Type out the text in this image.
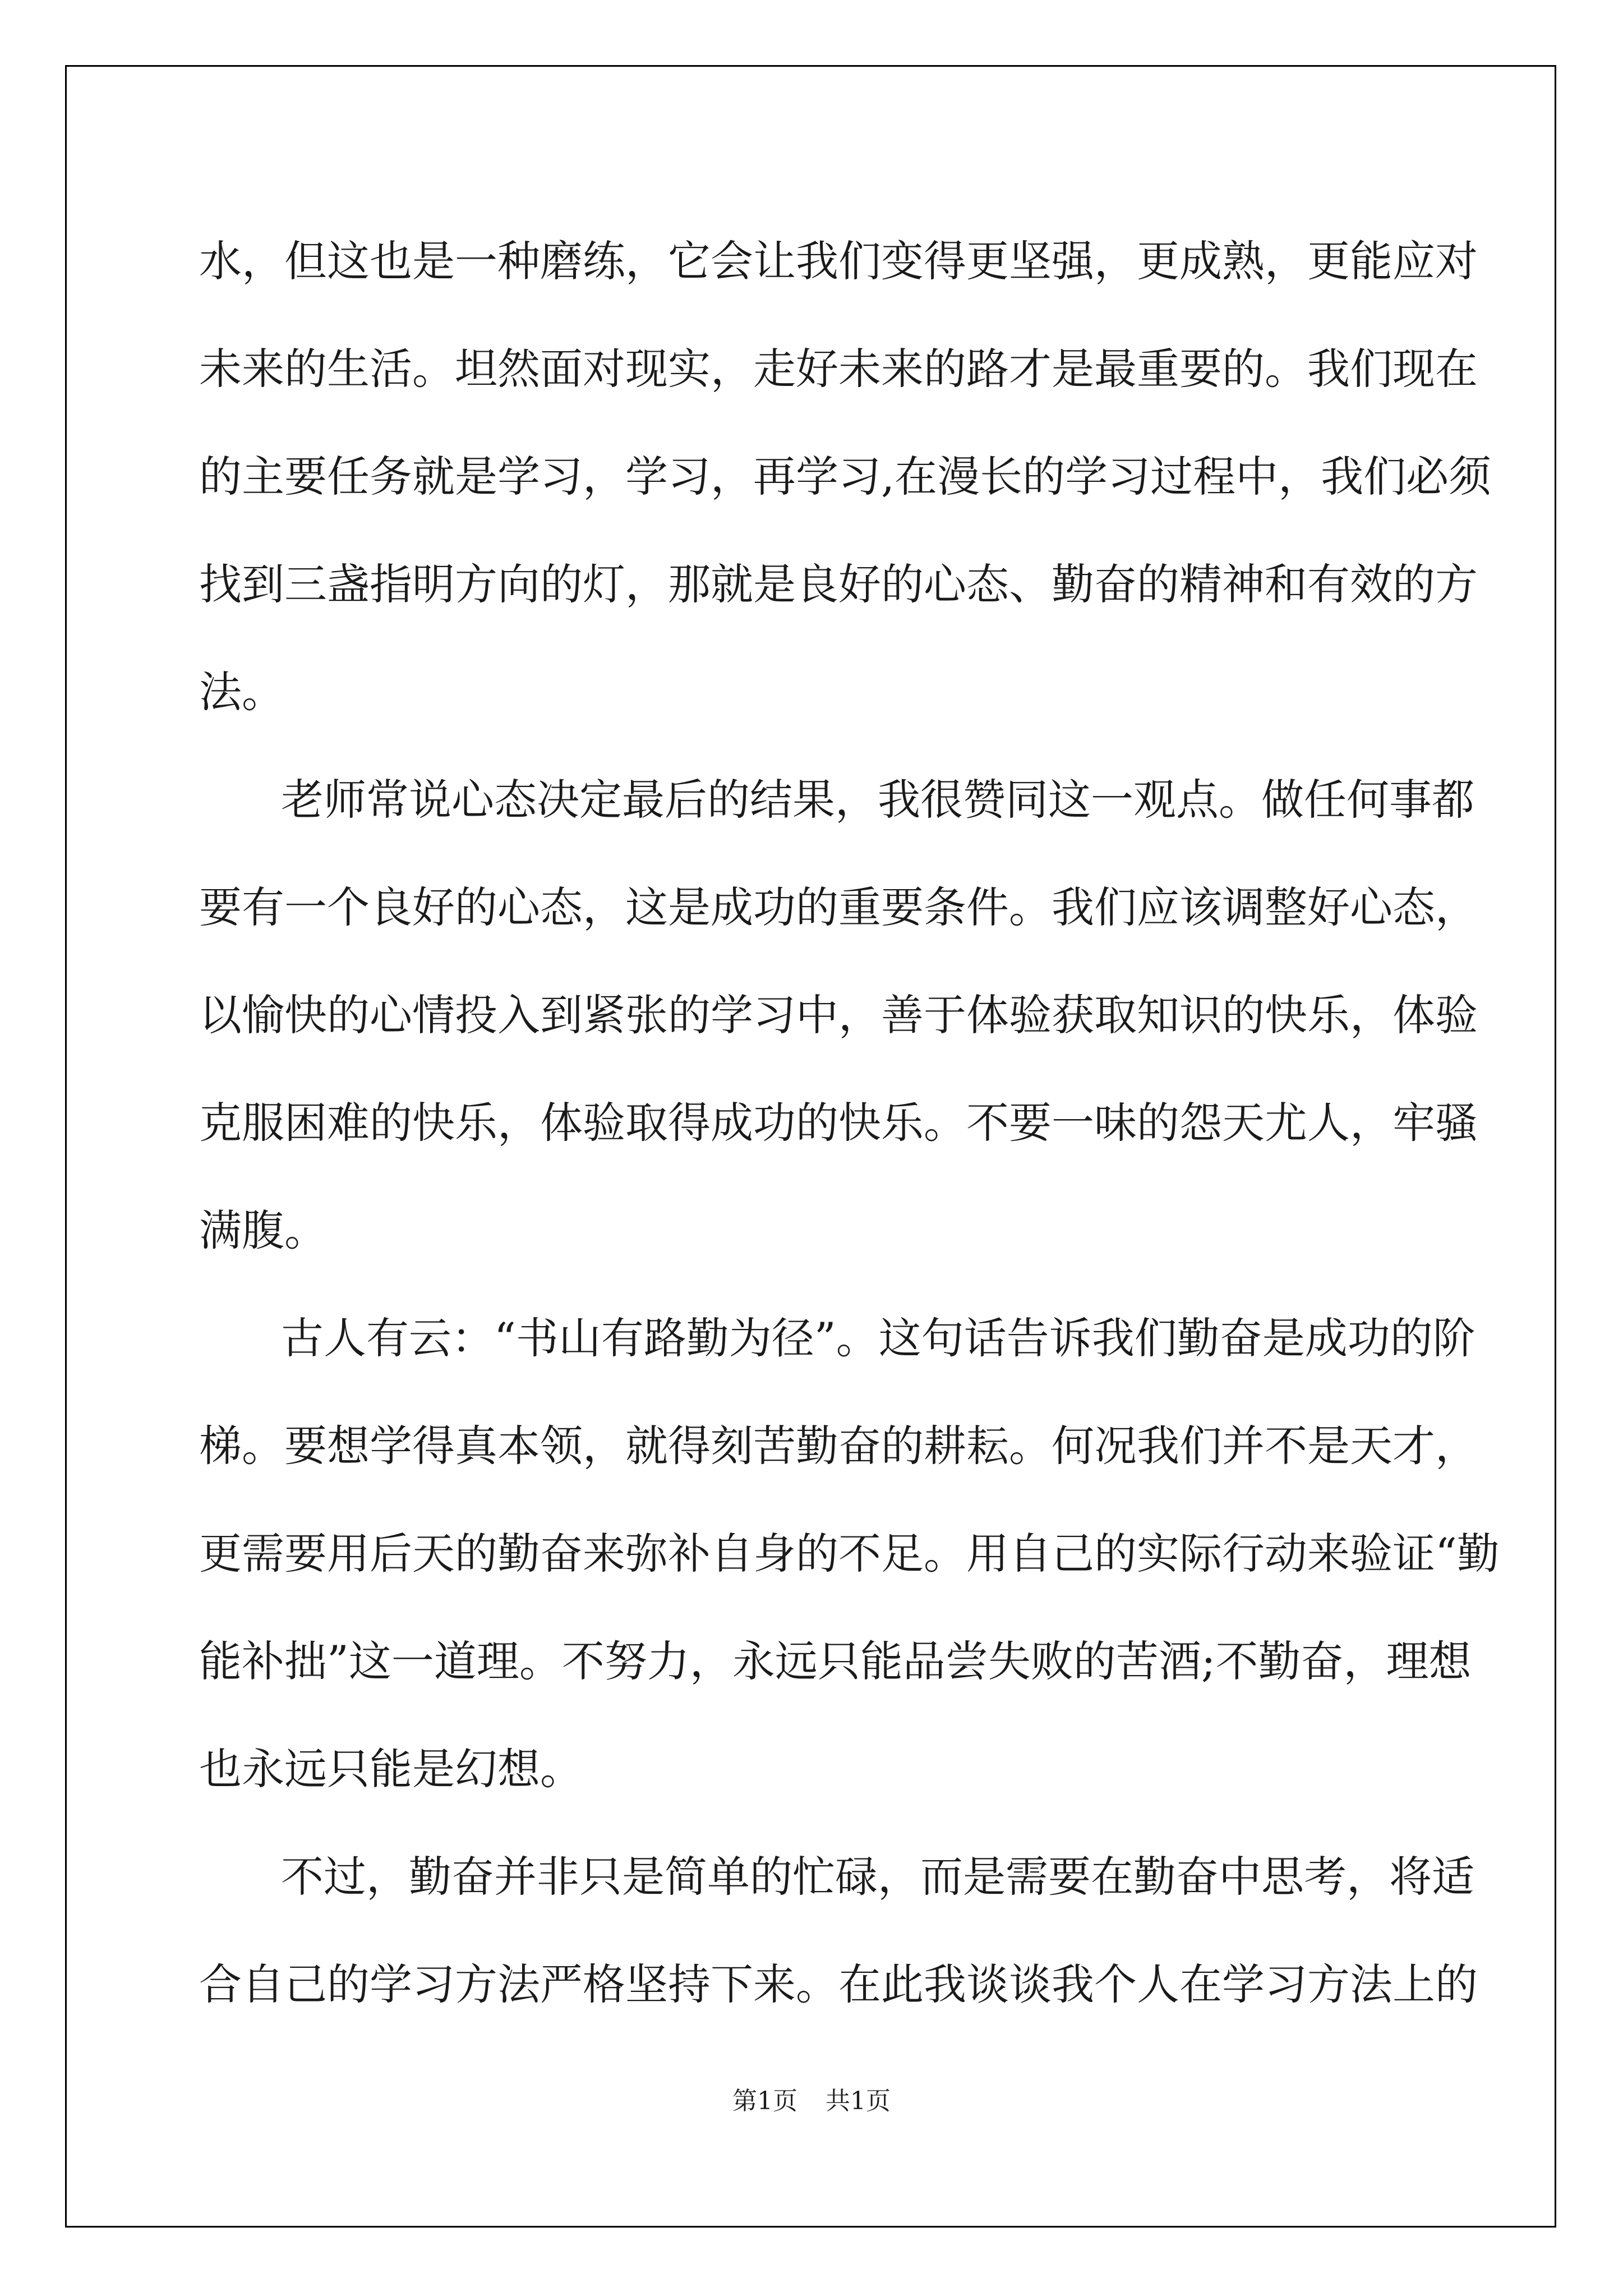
水，但这也是一种磨练，它会让我们变得更坚强，更成熟，更能应对
未来的生活。坦然面对现实，走好未来的路才是最重要的。我们现在
的主要任务就是学习，学习，再学习,在漫长的学习过程中，我们必须
找到三盏指明方向的灯，那就是良好的心态、勤奋的精神和有效的方
法。
老师常说心态决定最后的结果，我很赞同这一观点。做任何事都
要有一个良好的心态，这是成功的重要条件。我们应该调整好心态，
以愉快的心情投入到紧张的学习中，善于体验获取知识的快乐，体验
克服困难的快乐，体验取得成功的快乐。不要一味的怨天尤人，牢骚
满腹。
古人有云：“书山有路勤为径”。这句话告诉我们勤奋是成功的阶
梯。要想学得真本领，就得刻苦勤奋的耕耘。何况我们并不是天才，
更需要用后天的勤奋来弥补自身的不足。用自己的实际行动来验证“勤
能补拙”这一道理。不努力，永远只能品尝失败的苦酒;不勤奋，理想
也永远只能是幻想。
不过，勤奋并非只是简单的忙碌，而是需要在勤奋中思考，将适
合自己的学习方法严格坚持下来。在此我谈谈我个人在学习方法上的
第1页 共1页
